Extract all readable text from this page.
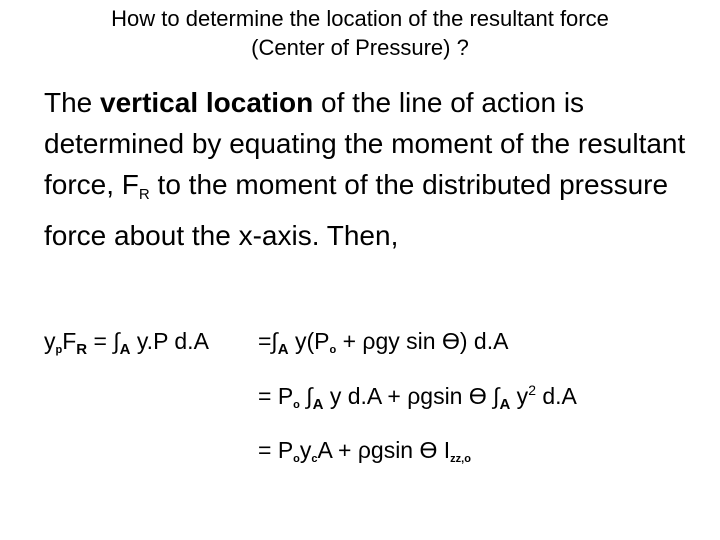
How to determine the location of the resultant force
(Center of Pressure) ?
The vertical location of the line of action is determined by equating the moment of the resultant force, $F_R$ to the moment of the distributed pressure force about the x-axis. Then,
$ypF_R = \int_A$ y.P $d.A =\int_A$ y(Po + ρgy sin ϴ) d.A
= Po $\int_A$ y d.A + ρgsin ϴ $\int_A$ $y^2$ d.A
= PoycA + ρgsin ϴ Izz,o
